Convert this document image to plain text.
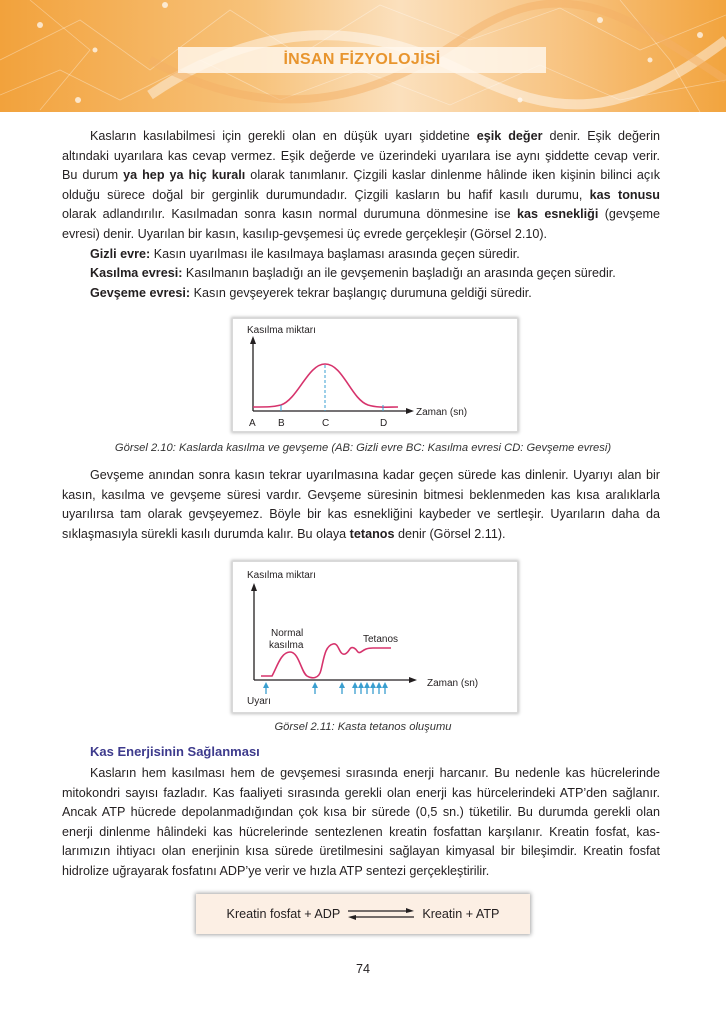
İNSAN FİZYOLOJİSİ
Kasların kasılabilmesi için gerekli olan en düşük uyarı şiddetine eşik değer denir. Eşik değerin
altındaki uyarılara kas cevap vermez. Eşik değerde ve üzerindeki uyarılara ise aynı şiddette cevap verir.
Bu durum ya hep ya hiç kuralı olarak tanımlanır. Çizgili kaslar dinlenme hâlinde iken kişinin bilinci açık
olduğu sürece doğal bir gerginlik durumundadır. Çizgili kasların bu hafif kasılı durumu, kas tonusu
olarak adlandırılır. Kasılmadan sonra kasın normal durumuna dönmesine ise kas esnekliği (gevşeme
evresi) denir. Uyarılan bir kasın, kasılıp-gevşemesi üç evrede gerçekleşir (Görsel 2.10).
Gizli evre: Kasın uyarılması ile kasılmaya başlaması arasında geçen süredir.
Kasılma evresi: Kasılmanın başladığı an ile gevşemenin başladığı an arasında geçen süredir.
Gevşeme evresi: Kasın gevşeyerek tekrar başlangıç durumuna geldiği süredir.
Kasılma miktarı
Zaman (sn)
A B	C	D
Görsel 2.10: Kaslarda kasılma ve gevşeme (AB: Gizli evre BC: Kasılma evresi CD: Gevşeme evresi)
Gevşeme anından sonra kasın tekrar uyarılmasına kadar geçen sürede kas dinlenir. Uyarıyı alan bir
kasın, kasılma ve gevşeme süresi vardır. Gevşeme süresinin bitmesi beklenmeden kas kısa aralıklarla
uyarılırsa tam olarak gevşeyemez. Böyle bir kas esnekliğini kaybeder ve sertleşir. Uyarıların daha da
sıklaşmasıyla sürekli kasılı durumda kalır. Bu olaya tetanos denir (Görsel 2.11).
Kasılma miktarı
Zaman (sn)
Normal
kasılma
Tetanos
Uyarı
Görsel 2.11: Kasta tetanos oluşumu
Kas Enerjisinin Sağlanması
Kasların hem kasılması hem de gevşemesi sırasında enerji harcanır. Bu nedenle kas hücrelerinde
mitokondri sayısı fazladır. Kas faaliyeti sırasında gerekli olan enerji kas hürcelerindeki ATP’den sağlanır.
Ancak ATP hücrede depolanmadığından çok kısa bir sürede (0,5 sn.) tüketilir. Bu durumda gerekli olan
enerji dinlenme hâlindeki kas hücrelerinde sentezlenen kreatin fosfattan karşılanır. Kreatin fosfat, kas-
larımızın ihtiyacı olan enerjinin kısa sürede üretilmesini sağlayan kimyasal bir bileşimdir. Kreatin fosfat
hidrolize uğrayarak fosfatını ADP’ye verir ve hızla ATP sentezi gerçekleştirilir.
Kreatin fosfat + ADP	Kreatin + ATP
74
